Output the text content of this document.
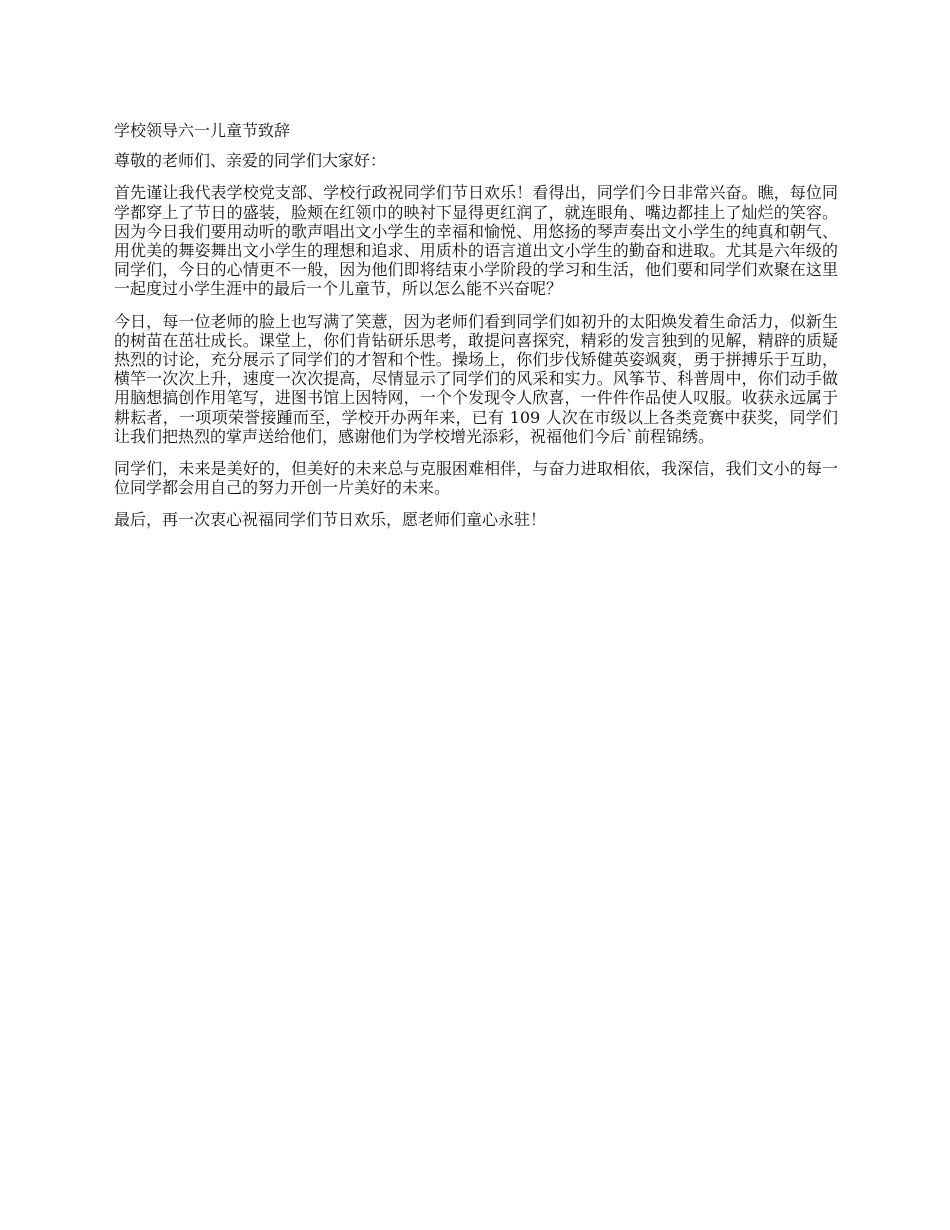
学校领导六一儿童节致辞

尊敬的老师们、亲爱的同学们大家好：

首先谨让我代表学校党支部、学校行政祝同学们节日欢乐！看得出，同学们今日非常兴奋。瞧，每位同学都穿上了节日的盛装，脸颊在红领巾的映衬下显得更红润了，就连眼角、嘴边都挂上了灿烂的笑容。因为今日我们要用动听的歌声唱出文小学生的幸福和愉悦、用悠扬的琴声奏出文小学生的纯真和朝气、用优美的舞姿舞出文小学生的理想和追求、用质朴的语言道出文小学生的勤奋和进取。尤其是六年级的同学们，今日的心情更不一般，因为他们即将结束小学阶段的学习和生活，他们要和同学们欢聚在这里一起度过小学生涯中的最后一个儿童节，所以怎么能不兴奋呢？

今日，每一位老师的脸上也写满了笑薏，因为老师们看到同学们如初升的太阳焕发着生命活力，似新生的树苗在茁壮成长。课堂上，你们肯钻研乐思考，敢提问喜探究，精彩的发言独到的见解，精辟的质疑热烈的讨论，充分展示了同学们的才智和个性。操场上，你们步伐矫健英姿飒爽，勇于拼搏乐于互助，横竿一次次上升，速度一次次提高，尽情显示了同学们的风采和实力。风筝节、科普周中，你们动手做用脑想搞创作用笔写，进图书馆上因特网，一个个发现令人欣喜，一件件作品使人叹服。收获永远属于耕耘者，一项项荣誉接踵而至，学校开办两年来，已有 109 人次在市级以上各类竞赛中获奖，同学们让我们把热烈的掌声送给他们，感谢他们为学校增光添彩，祝福他们今后`前程锦绣。

同学们，未来是美好的，但美好的未来总与克服困难相伴，与奋力进取相依，我深信，我们文小的每一位同学都会用自己的努力开创一片美好的未来。

最后，再一次衷心祝福同学们节日欢乐，愿老师们童心永驻！
